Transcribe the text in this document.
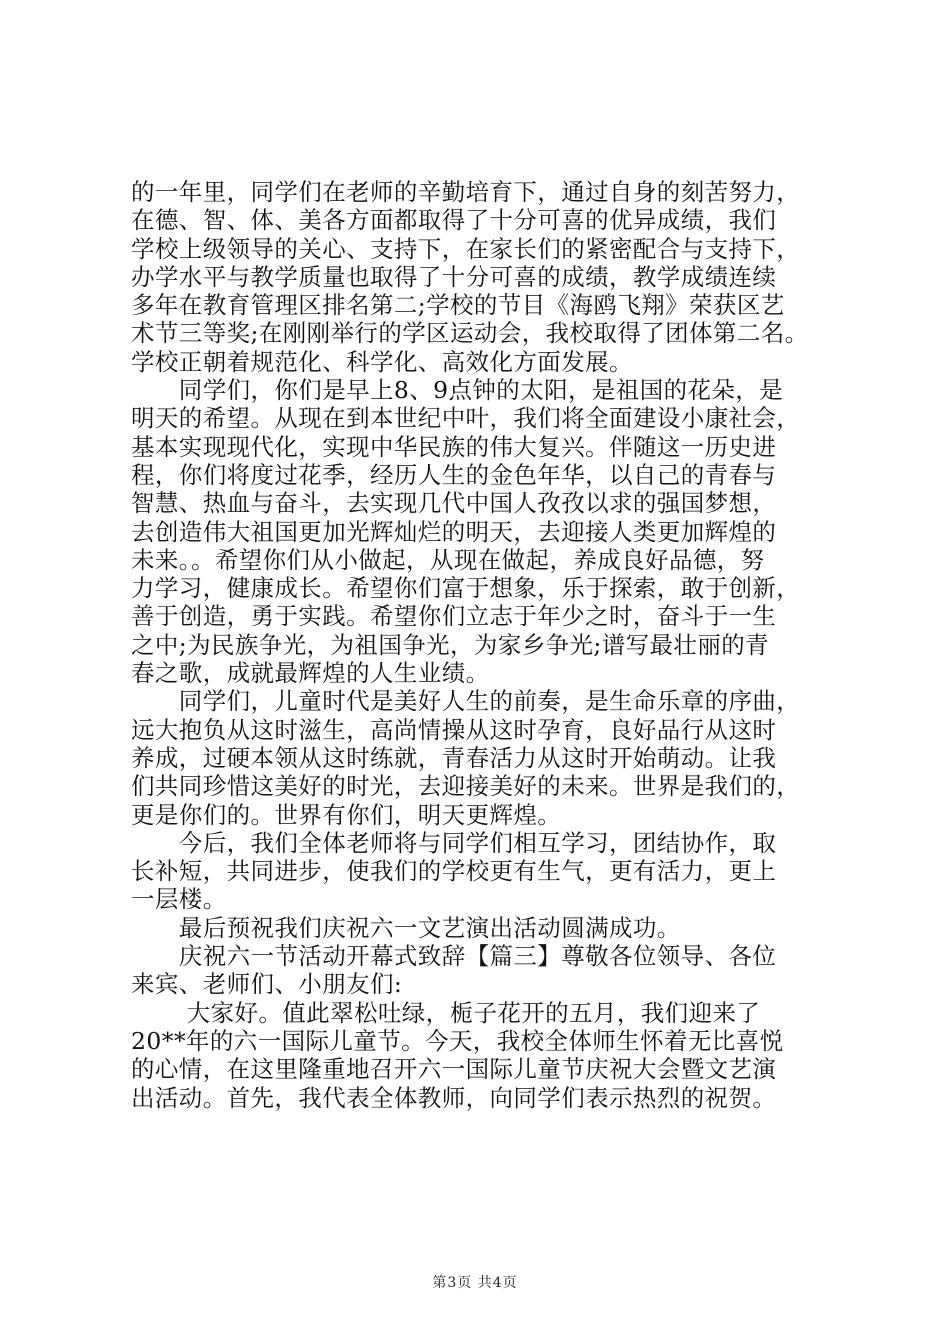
的一年里，同学们在老师的辛勤培育下，通过自身的刻苦努力，
在德、智、体、美各方面都取得了十分可喜的优异成绩，我们
学校上级领导的关心、支持下，在家长们的紧密配合与支持下，
办学水平与教学质量也取得了十分可喜的成绩，教学成绩连续
多年在教育管理区排名第二;学校的节目《海鸥飞翔》荣获区艺
术节三等奖;在刚刚举行的学区运动会，我校取得了团体第二名。
学校正朝着规范化、科学化、高效化方面发展。
　　同学们，你们是早上8、9点钟的太阳，是祖国的花朵，是
明天的希望。从现在到本世纪中叶，我们将全面建设小康社会，
基本实现现代化，实现中华民族的伟大复兴。伴随这一历史进
程，你们将度过花季，经历人生的金色年华，以自己的青春与
智慧、热血与奋斗，去实现几代中国人孜孜以求的强国梦想，
去创造伟大祖国更加光辉灿烂的明天，去迎接人类更加辉煌的
未来。。希望你们从小做起，从现在做起，养成良好品德，努
力学习，健康成长。希望你们富于想象，乐于探索，敢于创新，
善于创造，勇于实践。希望你们立志于年少之时，奋斗于一生
之中;为民族争光，为祖国争光，为家乡争光;谱写最壮丽的青
春之歌，成就最辉煌的人生业绩。
　　同学们，儿童时代是美好人生的前奏，是生命乐章的序曲，
远大抱负从这时滋生，高尚情操从这时孕育，良好品行从这时
养成，过硬本领从这时练就，青春活力从这时开始萌动。让我
们共同珍惜这美好的时光，去迎接美好的未来。世界是我们的，
更是你们的。世界有你们，明天更辉煌。
　　今后，我们全体老师将与同学们相互学习，团结协作，取
长补短，共同进步，使我们的学校更有生气，更有活力，更上
一层楼。
　　最后预祝我们庆祝六一文艺演出活动圆满成功。
　　庆祝六一节活动开幕式致辞【篇三】尊敬各位领导、各位
来宾、老师们、小朋友们:
　　 大家好。值此翠松吐绿，栀子花开的五月，我们迎来了
20**年的六一国际儿童节。今天，我校全体师生怀着无比喜悦
的心情，在这里隆重地召开六一国际儿童节庆祝大会暨文艺演
出活动。首先，我代表全体教师，向同学们表示热烈的祝贺。
第3页 共4页
